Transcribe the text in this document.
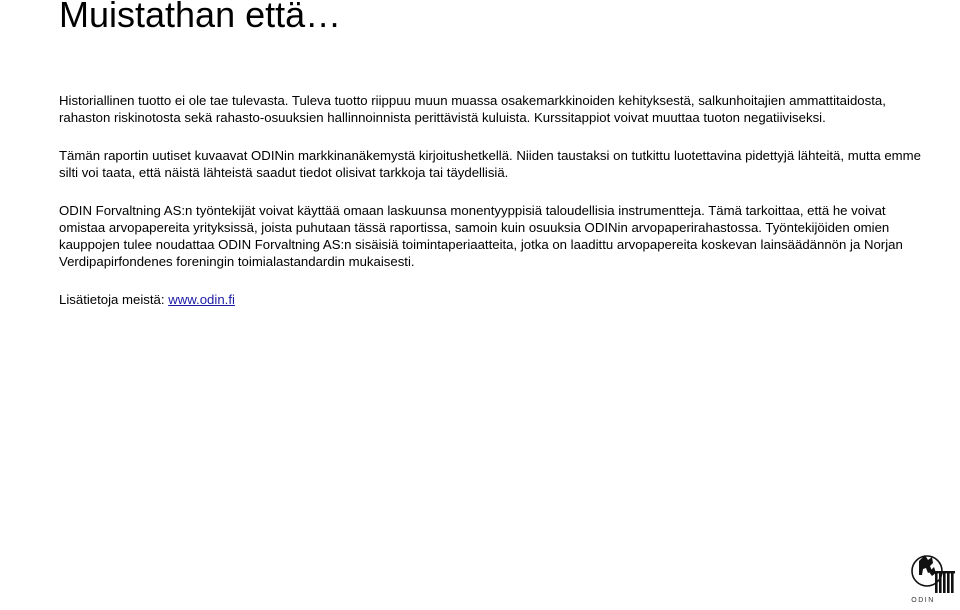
Muistathan että…

Historiallinen tuotto ei ole tae tulevasta. Tuleva tuotto riippuu muun muassa osakemarkkinoiden kehityksestä, salkunhoitajien ammattitaidosta, rahaston riskinotosta sekä rahasto-osuuksien hallinnoinnista perittävistä kuluista. Kurssitappiot voivat muuttaa tuoton negatiiviseksi.

Tämän raportin uutiset kuvaavat ODINin markkinanäkemystä kirjoitushetkellä. Niiden taustaksi on tutkittu luotettavina pidettyjä lähteitä, mutta emme silti voi taata, että näistä lähteistä saadut tiedot olisivat tarkkoja tai täydellisiä.

ODIN Forvaltning AS:n työntekijät voivat käyttää omaan laskuunsa monentyyppisiä taloudellisia instrumentteja. Tämä tarkoittaa, että he voivat omistaa arvopapereita yrityksissä, joista puhutaan tässä raportissa, samoin kuin osuuksia ODINin arvopaperirahastossa. Työntekijöiden omien kauppojen tulee noudattaa ODIN Forvaltning AS:n sisäisiä toimintaperiaatteita, jotka on laadittu arvopapereita koskevan lainsäädännön ja Norjan Verdipapirfondenes foreningin toimialastandardin mukaisesti.

Lisätietoja meistä: www.odin.fi

ODIN
